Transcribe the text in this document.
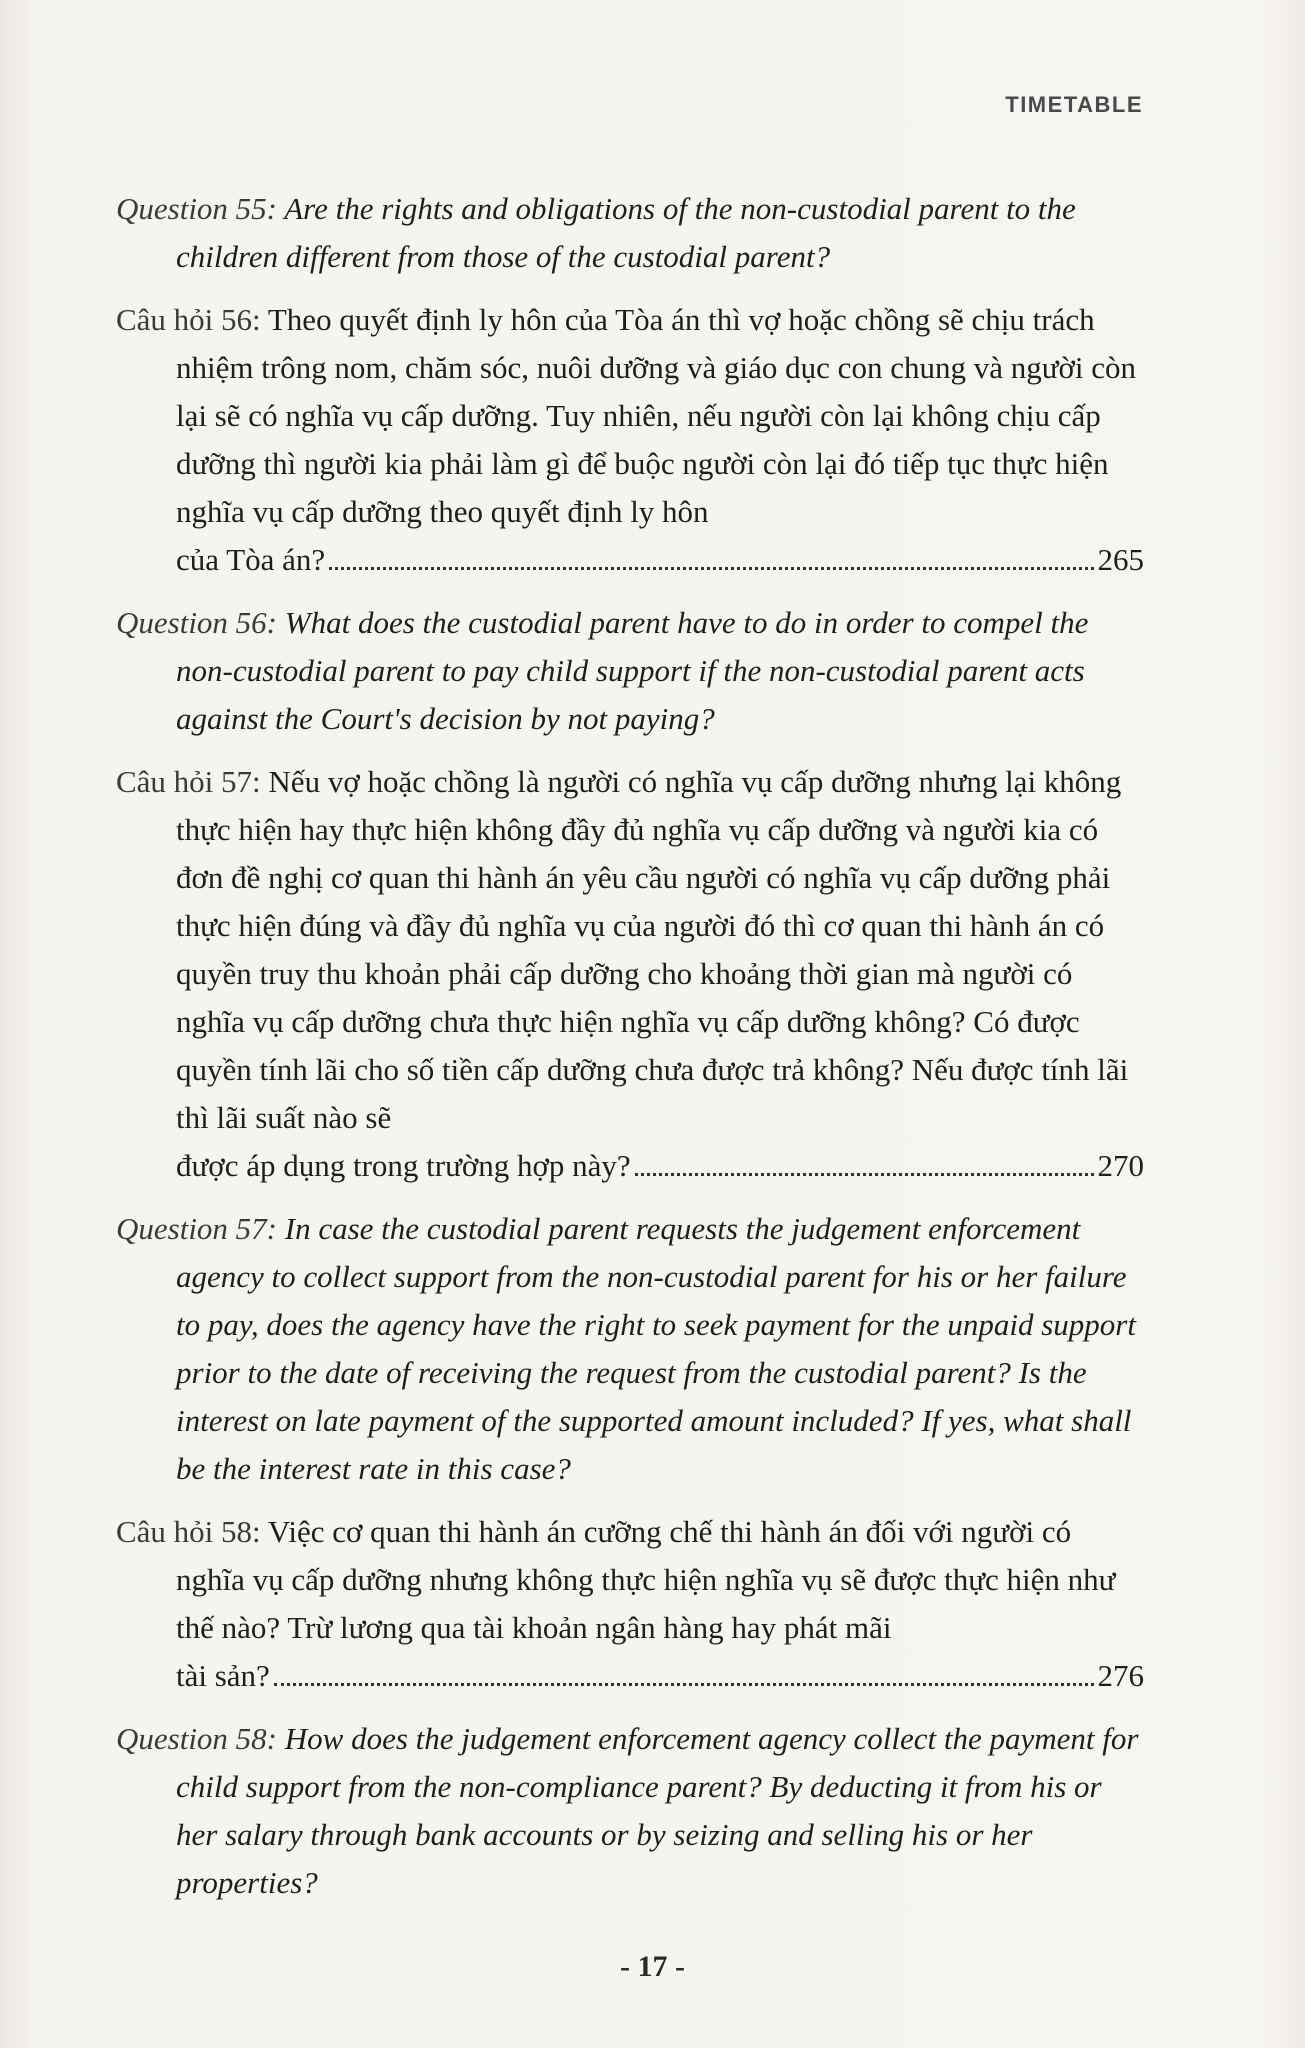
TIMETABLE

Question 55: Are the rights and obligations of the non-custodial parent to the children different from those of the custodial parent?

Câu hỏi 56: Theo quyết định ly hôn của Tòa án thì vợ hoặc chồng sẽ chịu trách nhiệm trông nom, chăm sóc, nuôi dưỡng và giáo dục con chung và người còn lại sẽ có nghĩa vụ cấp dưỡng. Tuy nhiên, nếu người còn lại không chịu cấp dưỡng thì người kia phải làm gì để buộc người còn lại đó tiếp tục thực hiện nghĩa vụ cấp dưỡng theo quyết định ly hôn
của Tòa án?	265

Question 56: What does the custodial parent have to do in order to compel the non-custodial parent to pay child support if the non-custodial parent acts against the Court's decision by not paying?

Câu hỏi 57: Nếu vợ hoặc chồng là người có nghĩa vụ cấp dưỡng nhưng lại không thực hiện hay thực hiện không đầy đủ nghĩa vụ cấp dưỡng và người kia có đơn đề nghị cơ quan thi hành án yêu cầu người có nghĩa vụ cấp dưỡng phải thực hiện đúng và đầy đủ nghĩa vụ của người đó thì cơ quan thi hành án có quyền truy thu khoản phải cấp dưỡng cho khoảng thời gian mà người có nghĩa vụ cấp dưỡng chưa thực hiện nghĩa vụ cấp dưỡng không? Có được quyền tính lãi cho số tiền cấp dưỡng chưa được trả không? Nếu được tính lãi thì lãi suất nào sẽ
được áp dụng trong trường hợp này?	270

Question 57: In case the custodial parent requests the judgement enforcement agency to collect support from the non-custodial parent for his or her failure to pay, does the agency have the right to seek payment for the unpaid support prior to the date of receiving the request from the custodial parent? Is the interest on late payment of the supported amount included? If yes, what shall be the interest rate in this case?

Câu hỏi 58: Việc cơ quan thi hành án cưỡng chế thi hành án đối với người có nghĩa vụ cấp dưỡng nhưng không thực hiện nghĩa vụ sẽ được thực hiện như thế nào? Trừ lương qua tài khoản ngân hàng hay phát mãi
tài sản?	276

Question 58: How does the judgement enforcement agency collect the payment for child support from the non-compliance parent? By deducting it from his or her salary through bank accounts or by seizing and selling his or her properties?

- 17 -
